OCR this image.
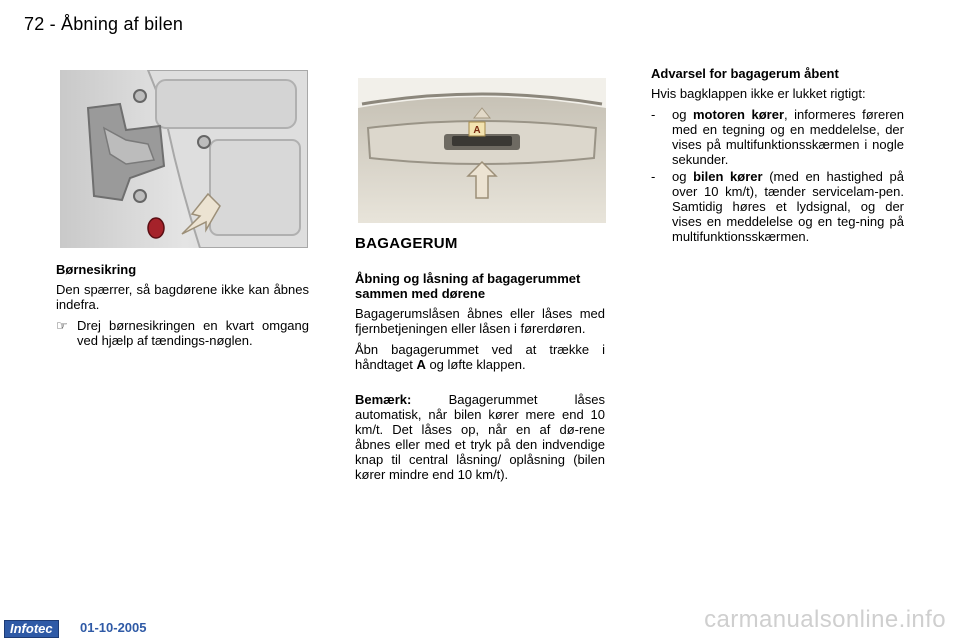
72 - Åbning af bilen
A
Børnesikring

Den spærrer, så bagdørene ikke kan åbnes indefra.

☞ Drej børnesikringen en kvart omgang ved hjælp af tændings-nøglen.
BAGAGERUM
Åbning og låsning af bagagerummet sammen med dørene

Bagagerumslåsen åbnes eller låses med fjernbetjeningen eller låsen i førerdøren.

Åbn bagagerummet ved at trække i håndtaget A og løfte klappen.

Bemærk: Bagagerummet låses automatisk, når bilen kører mere end 10 km/t. Det låses op, når en af dø-rene åbnes eller med et tryk på den indvendige knap til central låsning/ oplåsning (bilen kører mindre end 10 km/t).

Advarsel for bagagerum åbent

Hvis bagklappen ikke er lukket rigtigt:

- og motoren kører, informeres føreren med en tegning og en meddelelse, der vises på multifunktionsskærmen i nogle sekunder.
- og bilen kører (med en hastighed på over 10 km/t), tænder servicelam-pen. Samtidig høres et lydsignal, og der vises en meddelelse og en teg-ning på multifunktionsskærmen.
Infotec	01-10-2005	carmanualsonline.info
